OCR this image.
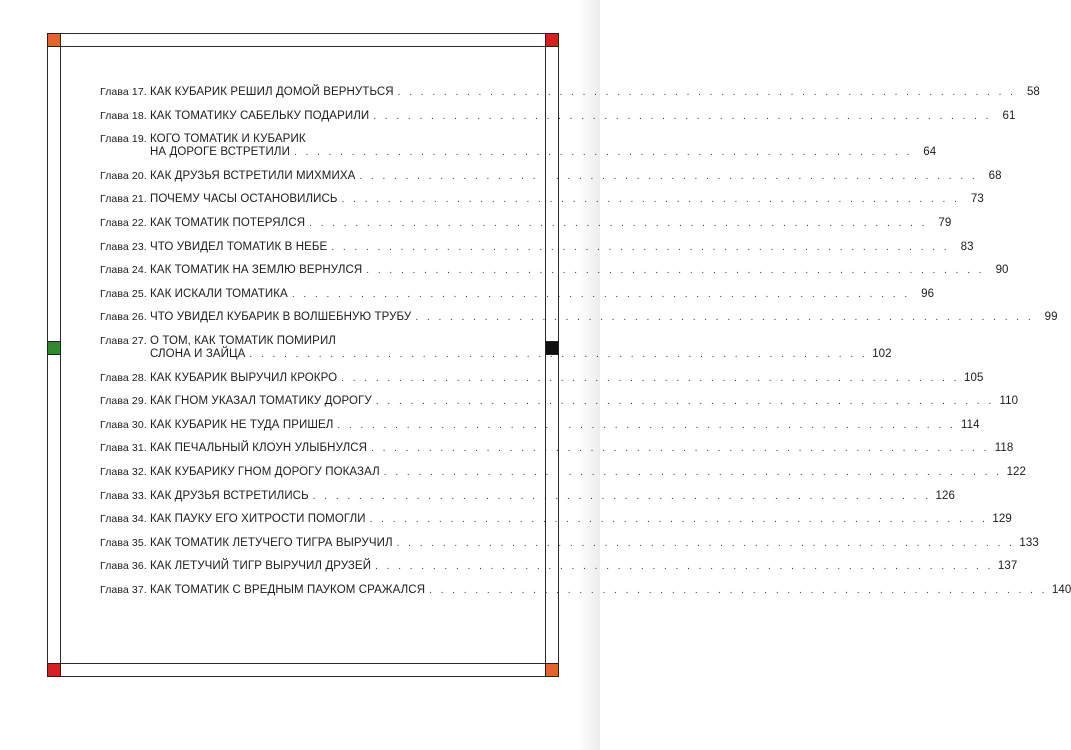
Глава 17. КАК КУБАРИК РЕШИЛ ДОМОЙ ВЕРНУТЬСЯ . . . . . . . . . . . . . . . . . . . . . . . . . . . . . . . . . . . . . . . . . . . . . . . . . . . . . . 58
Глава 18. КАК ТОМАТИКУ САБЕЛЬКУ ПОДАРИЛИ . . . . . . . . . . . . . . . . . . . . . . . . . . . . . . . . . . . . . . . . . . . . . . . . . . . . . . 61
Глава 19. КОГО ТОМАТИК И КУБАРИК
НА ДОРОГЕ ВСТРЕТИЛИ . . . . . . . . . . . . . . . . . . . . . . . . . . . . . . . . . . . . . . . . . . . . . . . . . . . . . . 64
Глава 20. КАК ДРУЗЬЯ ВСТРЕТИЛИ МИХМИХА . . . . . . . . . . . . . . . . . . . . . . . . . . . . . . . . . . . . . . . . . . . . . . . . . . . . . . 68
Глава 21. ПОЧЕМУ ЧАСЫ ОСТАНОВИЛИСЬ . . . . . . . . . . . . . . . . . . . . . . . . . . . . . . . . . . . . . . . . . . . . . . . . . . . . . . 73
Глава 22. КАК ТОМАТИК ПОТЕРЯЛСЯ . . . . . . . . . . . . . . . . . . . . . . . . . . . . . . . . . . . . . . . . . . . . . . . . . . . . . . 79
Глава 23. ЧТО УВИДЕЛ ТОМАТИК В НЕБЕ . . . . . . . . . . . . . . . . . . . . . . . . . . . . . . . . . . . . . . . . . . . . . . . . . . . . . . 83
Глава 24. КАК ТОМАТИК НА ЗЕМЛЮ ВЕРНУЛСЯ . . . . . . . . . . . . . . . . . . . . . . . . . . . . . . . . . . . . . . . . . . . . . . . . . . . . . . 90
Глава 25. КАК ИСКАЛИ ТОМАТИКА . . . . . . . . . . . . . . . . . . . . . . . . . . . . . . . . . . . . . . . . . . . . . . . . . . . . . . 96
Глава 26. ЧТО УВИДЕЛ КУБАРИК В ВОЛШЕБНУЮ ТРУБУ . . . . . . . . . . . . . . . . . . . . . . . . . . . . . . . . . . . . . . . . . . . . . . . . . . . . . . 99
Глава 27. О ТОМ, КАК ТОМАТИК ПОМИРИЛ
СЛОНА И ЗАЙЦА . . . . . . . . . . . . . . . . . . . . . . . . . . . . . . . . . . . . . . . . . . . . . . . . . . . . . . 102
Глава 28. КАК КУБАРИК ВЫРУЧИЛ КРОКРО . . . . . . . . . . . . . . . . . . . . . . . . . . . . . . . . . . . . . . . . . . . . . . . . . . . . . . 105
Глава 29. КАК ГНОМ УКАЗАЛ ТОМАТИКУ ДОРОГУ . . . . . . . . . . . . . . . . . . . . . . . . . . . . . . . . . . . . . . . . . . . . . . . . . . . . . . 110
Глава 30. КАК КУБАРИК НЕ ТУДА ПРИШЕЛ . . . . . . . . . . . . . . . . . . . . . . . . . . . . . . . . . . . . . . . . . . . . . . . . . . . . . . 114
Глава 31. КАК ПЕЧАЛЬНЫЙ КЛОУН УЛЫБНУЛСЯ . . . . . . . . . . . . . . . . . . . . . . . . . . . . . . . . . . . . . . . . . . . . . . . . . . . . . . 118
Глава 32. КАК КУБАРИКУ ГНОМ ДОРОГУ ПОКАЗАЛ . . . . . . . . . . . . . . . . . . . . . . . . . . . . . . . . . . . . . . . . . . . . . . . . . . . . . . 122
Глава 33. КАК ДРУЗЬЯ ВСТРЕТИЛИСЬ . . . . . . . . . . . . . . . . . . . . . . . . . . . . . . . . . . . . . . . . . . . . . . . . . . . . . . 126
Глава 34. КАК ПАУКУ ЕГО ХИТРОСТИ ПОМОГЛИ . . . . . . . . . . . . . . . . . . . . . . . . . . . . . . . . . . . . . . . . . . . . . . . . . . . . . . 129
Глава 35. КАК ТОМАТИК ЛЕТУЧЕГО ТИГРА ВЫРУЧИЛ . . . . . . . . . . . . . . . . . . . . . . . . . . . . . . . . . . . . . . . . . . . . . . . . . . . . . . 133
Глава 36. КАК ЛЕТУЧИЙ ТИГР ВЫРУЧИЛ ДРУЗЕЙ . . . . . . . . . . . . . . . . . . . . . . . . . . . . . . . . . . . . . . . . . . . . . . . . . . . . . . 137
Глава 37. КАК ТОМАТИК С ВРЕДНЫМ ПАУКОМ СРАЖАЛСЯ . . . . . . . . . . . . . . . . . . . . . . . . . . . . . . . . . . . . . . . . . . . . . . . . . . . . . . 140
